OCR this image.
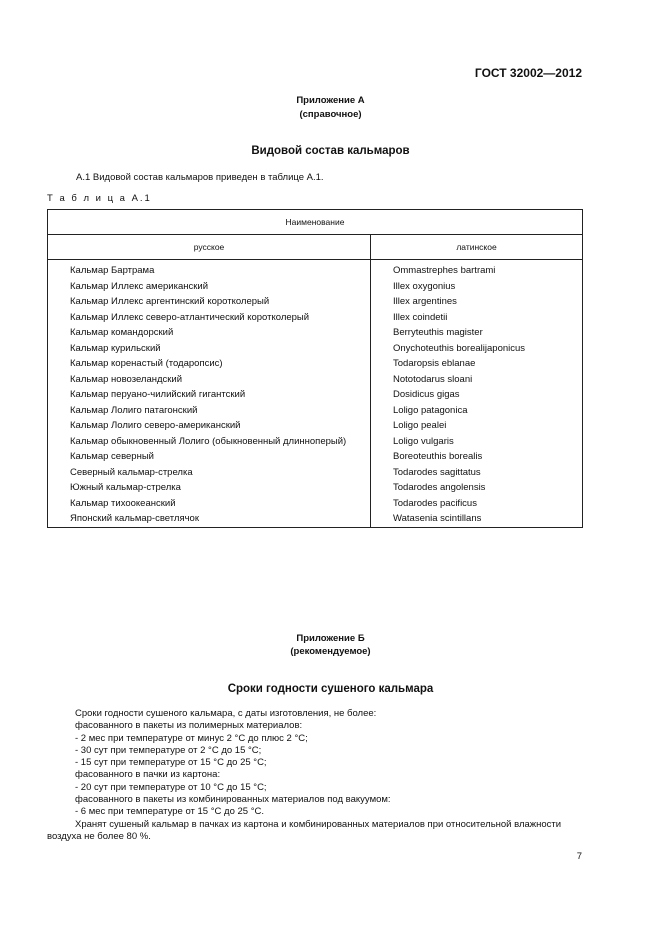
ГОСТ 32002—2012
Приложение А
(справочное)
Видовой состав кальмаров
А.1 Видовой состав кальмаров приведен в таблице А.1.
Т а б л и ц а А.1
Наименование	
русское	латинское
Кальмар Бартрама	Ommastrephes bartrami
Кальмар Иллекс американский	Illex oxygonius
Кальмар Иллекс аргентинский коротколерый	Illex argentines
Кальмар Иллекс северо-атлантический коротколерый	Illex coindetii
Кальмар командорский	Berryteuthis magister
Кальмар курильский	Onychoteuthis borealijaponicus
Кальмар коренастый (тодаропсис)	Todaropsis eblanae
Кальмар новозеландский	Nototodarus sloani
Кальмар перуано-чилийский гигантский	Dosidicus gigas
Кальмар Лолиго патагонский	Loligo patagonica
Кальмар Лолиго северо-американский	Loligo pealei
Кальмар обыкновенный Лолиго (обыкновенный длинноперый)	Loligo vulgaris
Кальмар северный	Boreoteuthis borealis
Северный кальмар-стрелка	Todarodes sagittatus
Южный кальмар-стрелка	Todarodes angolensis
Кальмар тихоокеанский	Todarodes pacificus
Японский кальмар-светлячок	Watasenia scintillans
Приложение Б
(рекомендуемое)
Сроки годности сушеного кальмара
Сроки годности сушеного кальмара, с даты изготовления, не более:
фасованного в пакеты из полимерных материалов:
- 2 мес при температуре от минус 2 °С до плюс 2 °С;
- 30 сут при температуре от 2 °С до 15 °С;
- 15 сут при температуре от 15 °С до 25 °С;
фасованного в пачки из картона:
- 20 сут при температуре от 10 °С до 15 °С;
фасованного в пакеты из комбинированных материалов под вакуумом:
- 6 мес при температуре от 15 °С до 25 °С.
Хранят сушеный кальмар в пачках из картона и комбинированных материалов при относительной влажности
воздуха не более 80 %.
7
